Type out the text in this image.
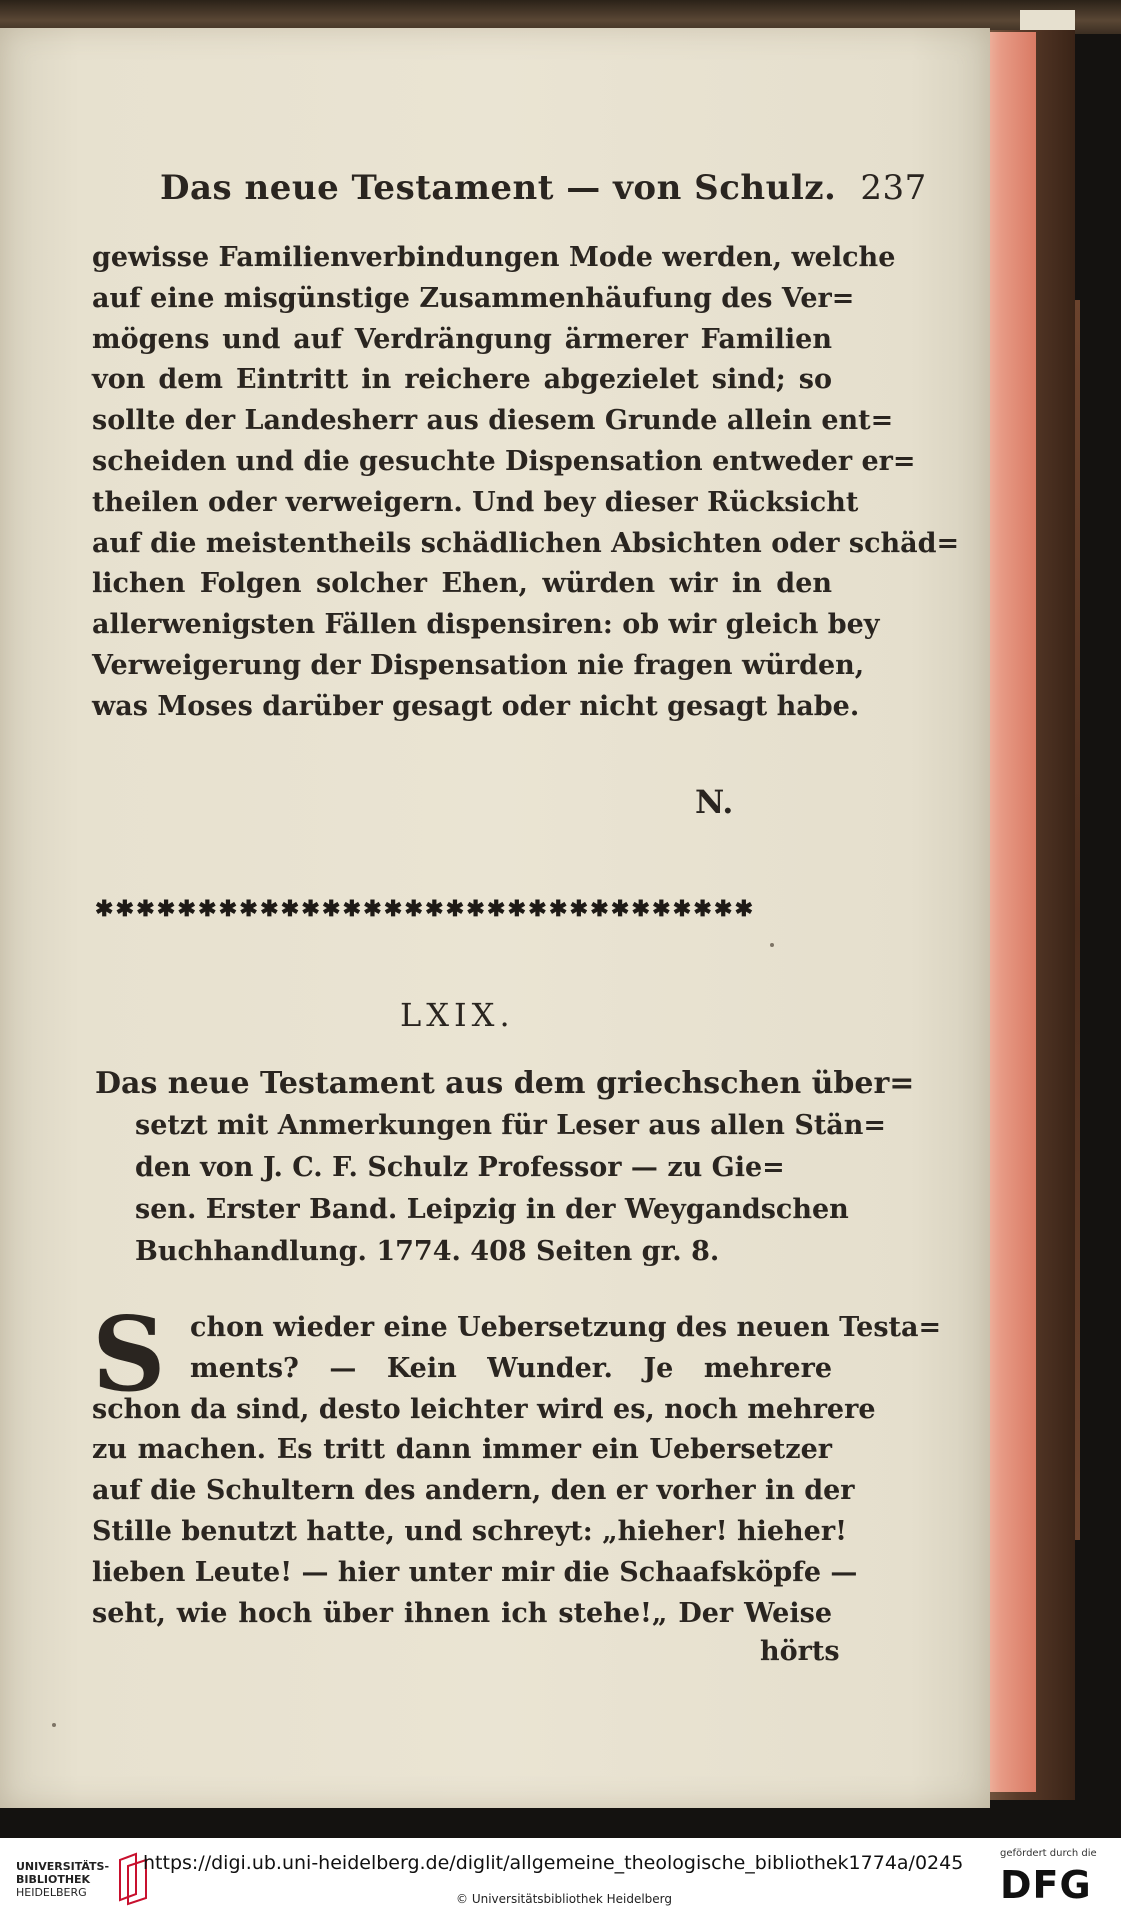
Das neue Testament — von Schulz. 237
gewisse Familienverbindungen Mode werden, welche
auf eine misgünstige Zusammenhäufung des Ver=
mögens und auf Verdrängung ärmerer Familien
von dem Eintritt in reichere abgezielet sind; so
sollte der Landesherr aus diesem Grunde allein ent=
scheiden und die gesuchte Dispensation entweder er=
theilen oder verweigern. Und bey dieser Rücksicht
auf die meistentheils schädlichen Absichten oder schäd=
lichen Folgen solcher Ehen, würden wir in den
allerwenigsten Fällen dispensiren: ob wir gleich bey
Verweigerung der Dispensation nie fragen würden,
was Moses darüber gesagt oder nicht gesagt habe.
N.
✱✱✱✱✱✱✱✱✱✱✱✱✱✱✱✱✱✱✱✱✱✱✱✱✱✱✱✱✱✱✱✱
LXIX.
Das neue Testament aus dem griechschen über=
setzt mit Anmerkungen für Leser aus allen Stän=
den von J. C. F. Schulz Professor — zu Gie=
sen. Erster Band. Leipzig in der Weygandschen
Buchhandlung. 1774. 408 Seiten gr. 8.
S chon wieder eine Uebersetzung des neuen Testa=
ments? — Kein Wunder. Je mehrere
schon da sind, desto leichter wird es, noch mehrere
zu machen. Es tritt dann immer ein Uebersetzer
auf die Schultern des andern, den er vorher in der
Stille benutzt hatte, und schreyt: „hieher! hieher!
lieben Leute! — hier unter mir die Schaafsköpfe —
seht, wie hoch über ihnen ich stehe!„ Der Weise
hörts
UNIVERSITÄTS-
BIBLIOTHEK
HEIDELBERG
https://digi.ub.uni-heidelberg.de/diglit/allgemeine_theologische_bibliothek1774a/0245
© Universitätsbibliothek Heidelberg
gefördert durch die
DFG
